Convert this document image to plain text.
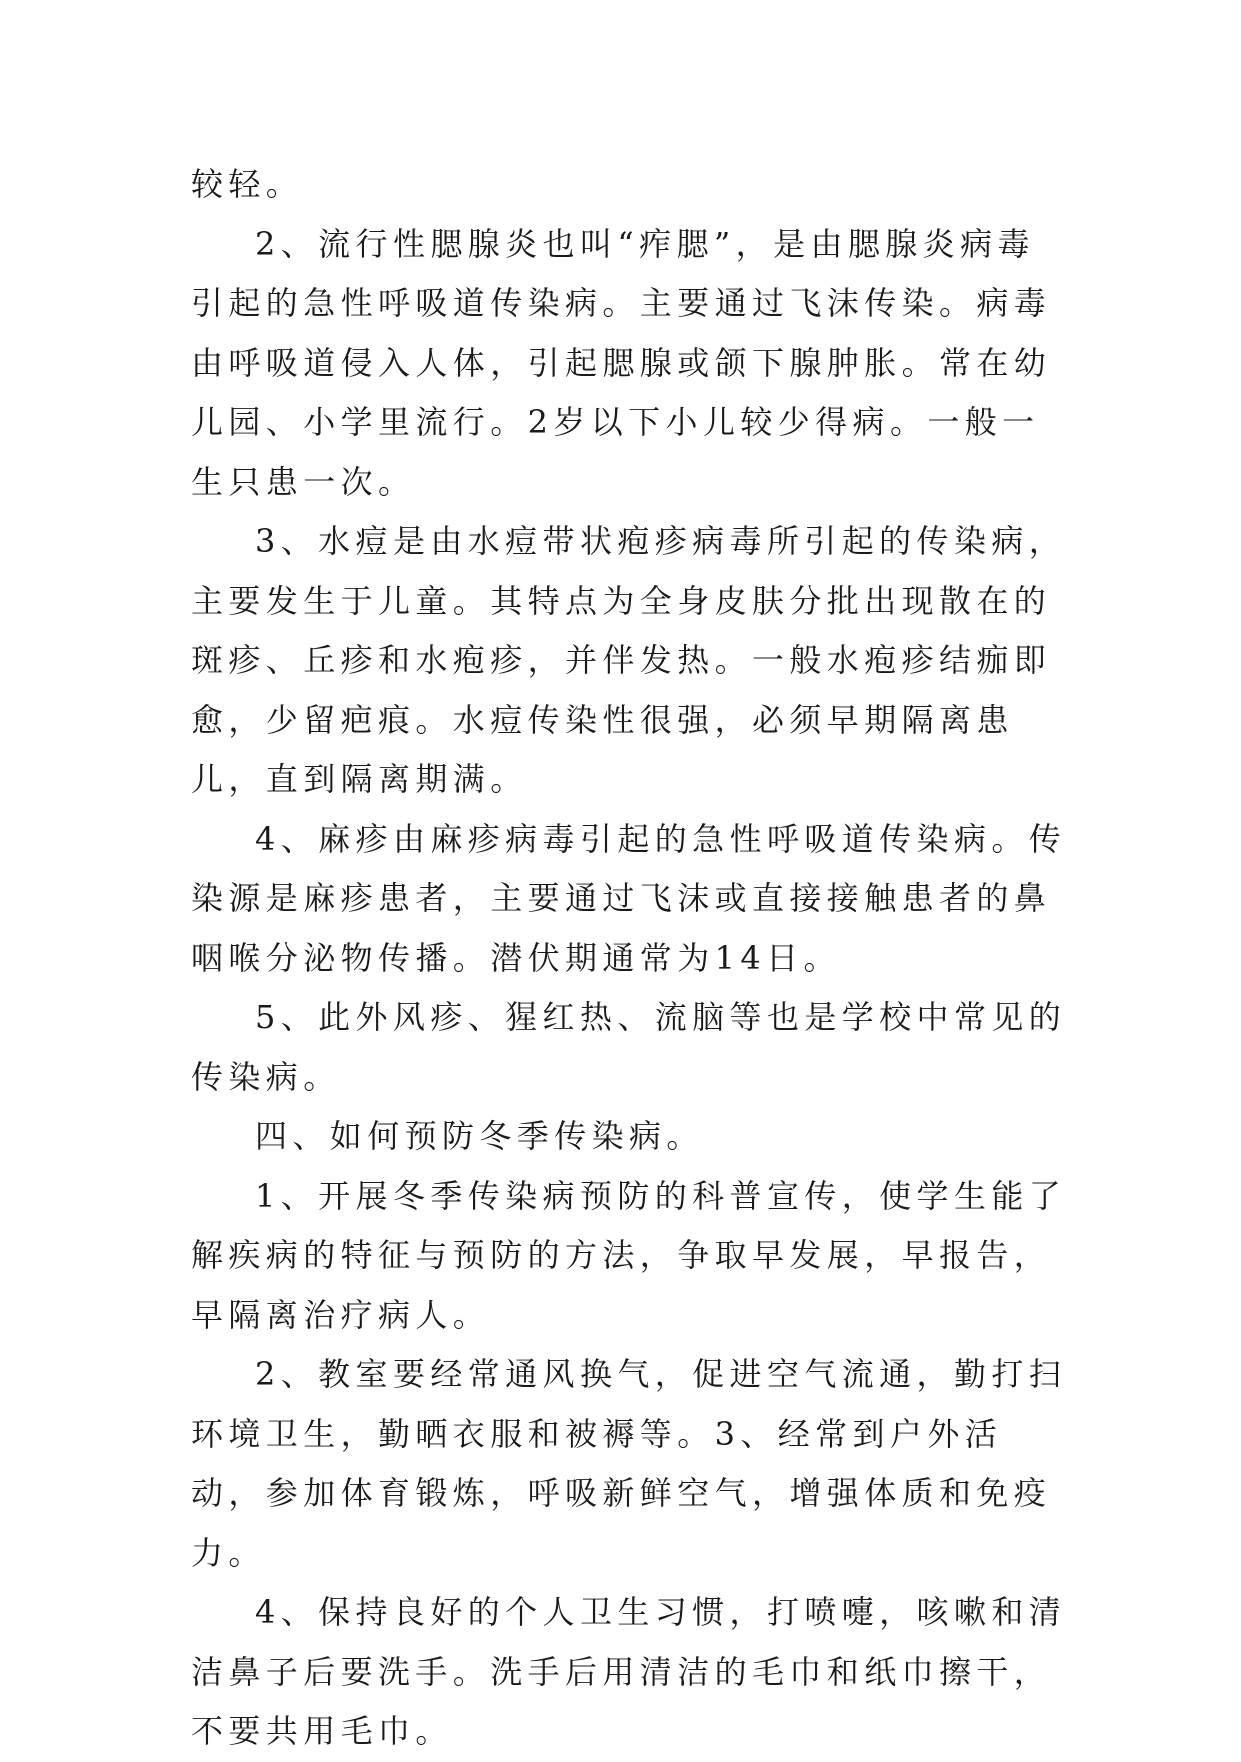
较轻。

2、流行性腮腺炎也叫“痄腮”，是由腮腺炎病毒引起的急性呼吸道传染病。主要通过飞沫传染。病毒由呼吸道侵入人体，引起腮腺或颌下腺肿胀。常在幼儿园、小学里流行。2岁以下小儿较少得病。一般一生只患一次。

3、水痘是由水痘带状疱疹病毒所引起的传染病，主要发生于儿童。其特点为全身皮肤分批出现散在的斑疹、丘疹和水疱疹，并伴发热。一般水疱疹结痂即愈，少留疤痕。水痘传染性很强，必须早期隔离患儿，直到隔离期满。

4、麻疹由麻疹病毒引起的急性呼吸道传染病。传染源是麻疹患者，主要通过飞沫或直接接触患者的鼻咽喉分泌物传播。潜伏期通常为14日。

5、此外风疹、猩红热、流脑等也是学校中常见的传染病。

四、如何预防冬季传染病。

1、开展冬季传染病预防的科普宣传，使学生能了解疾病的特征与预防的方法，争取早发展，早报告，早隔离治疗病人。

2、教室要经常通风换气，促进空气流通，勤打扫环境卫生，勤晒衣服和被褥等。3、经常到户外活动，参加体育锻炼，呼吸新鲜空气，增强体质和免疫力。

4、保持良好的个人卫生习惯，打喷嚏，咳嗽和清洁鼻子后要洗手。洗手后用清洁的毛巾和纸巾擦干，不要共用毛巾。
